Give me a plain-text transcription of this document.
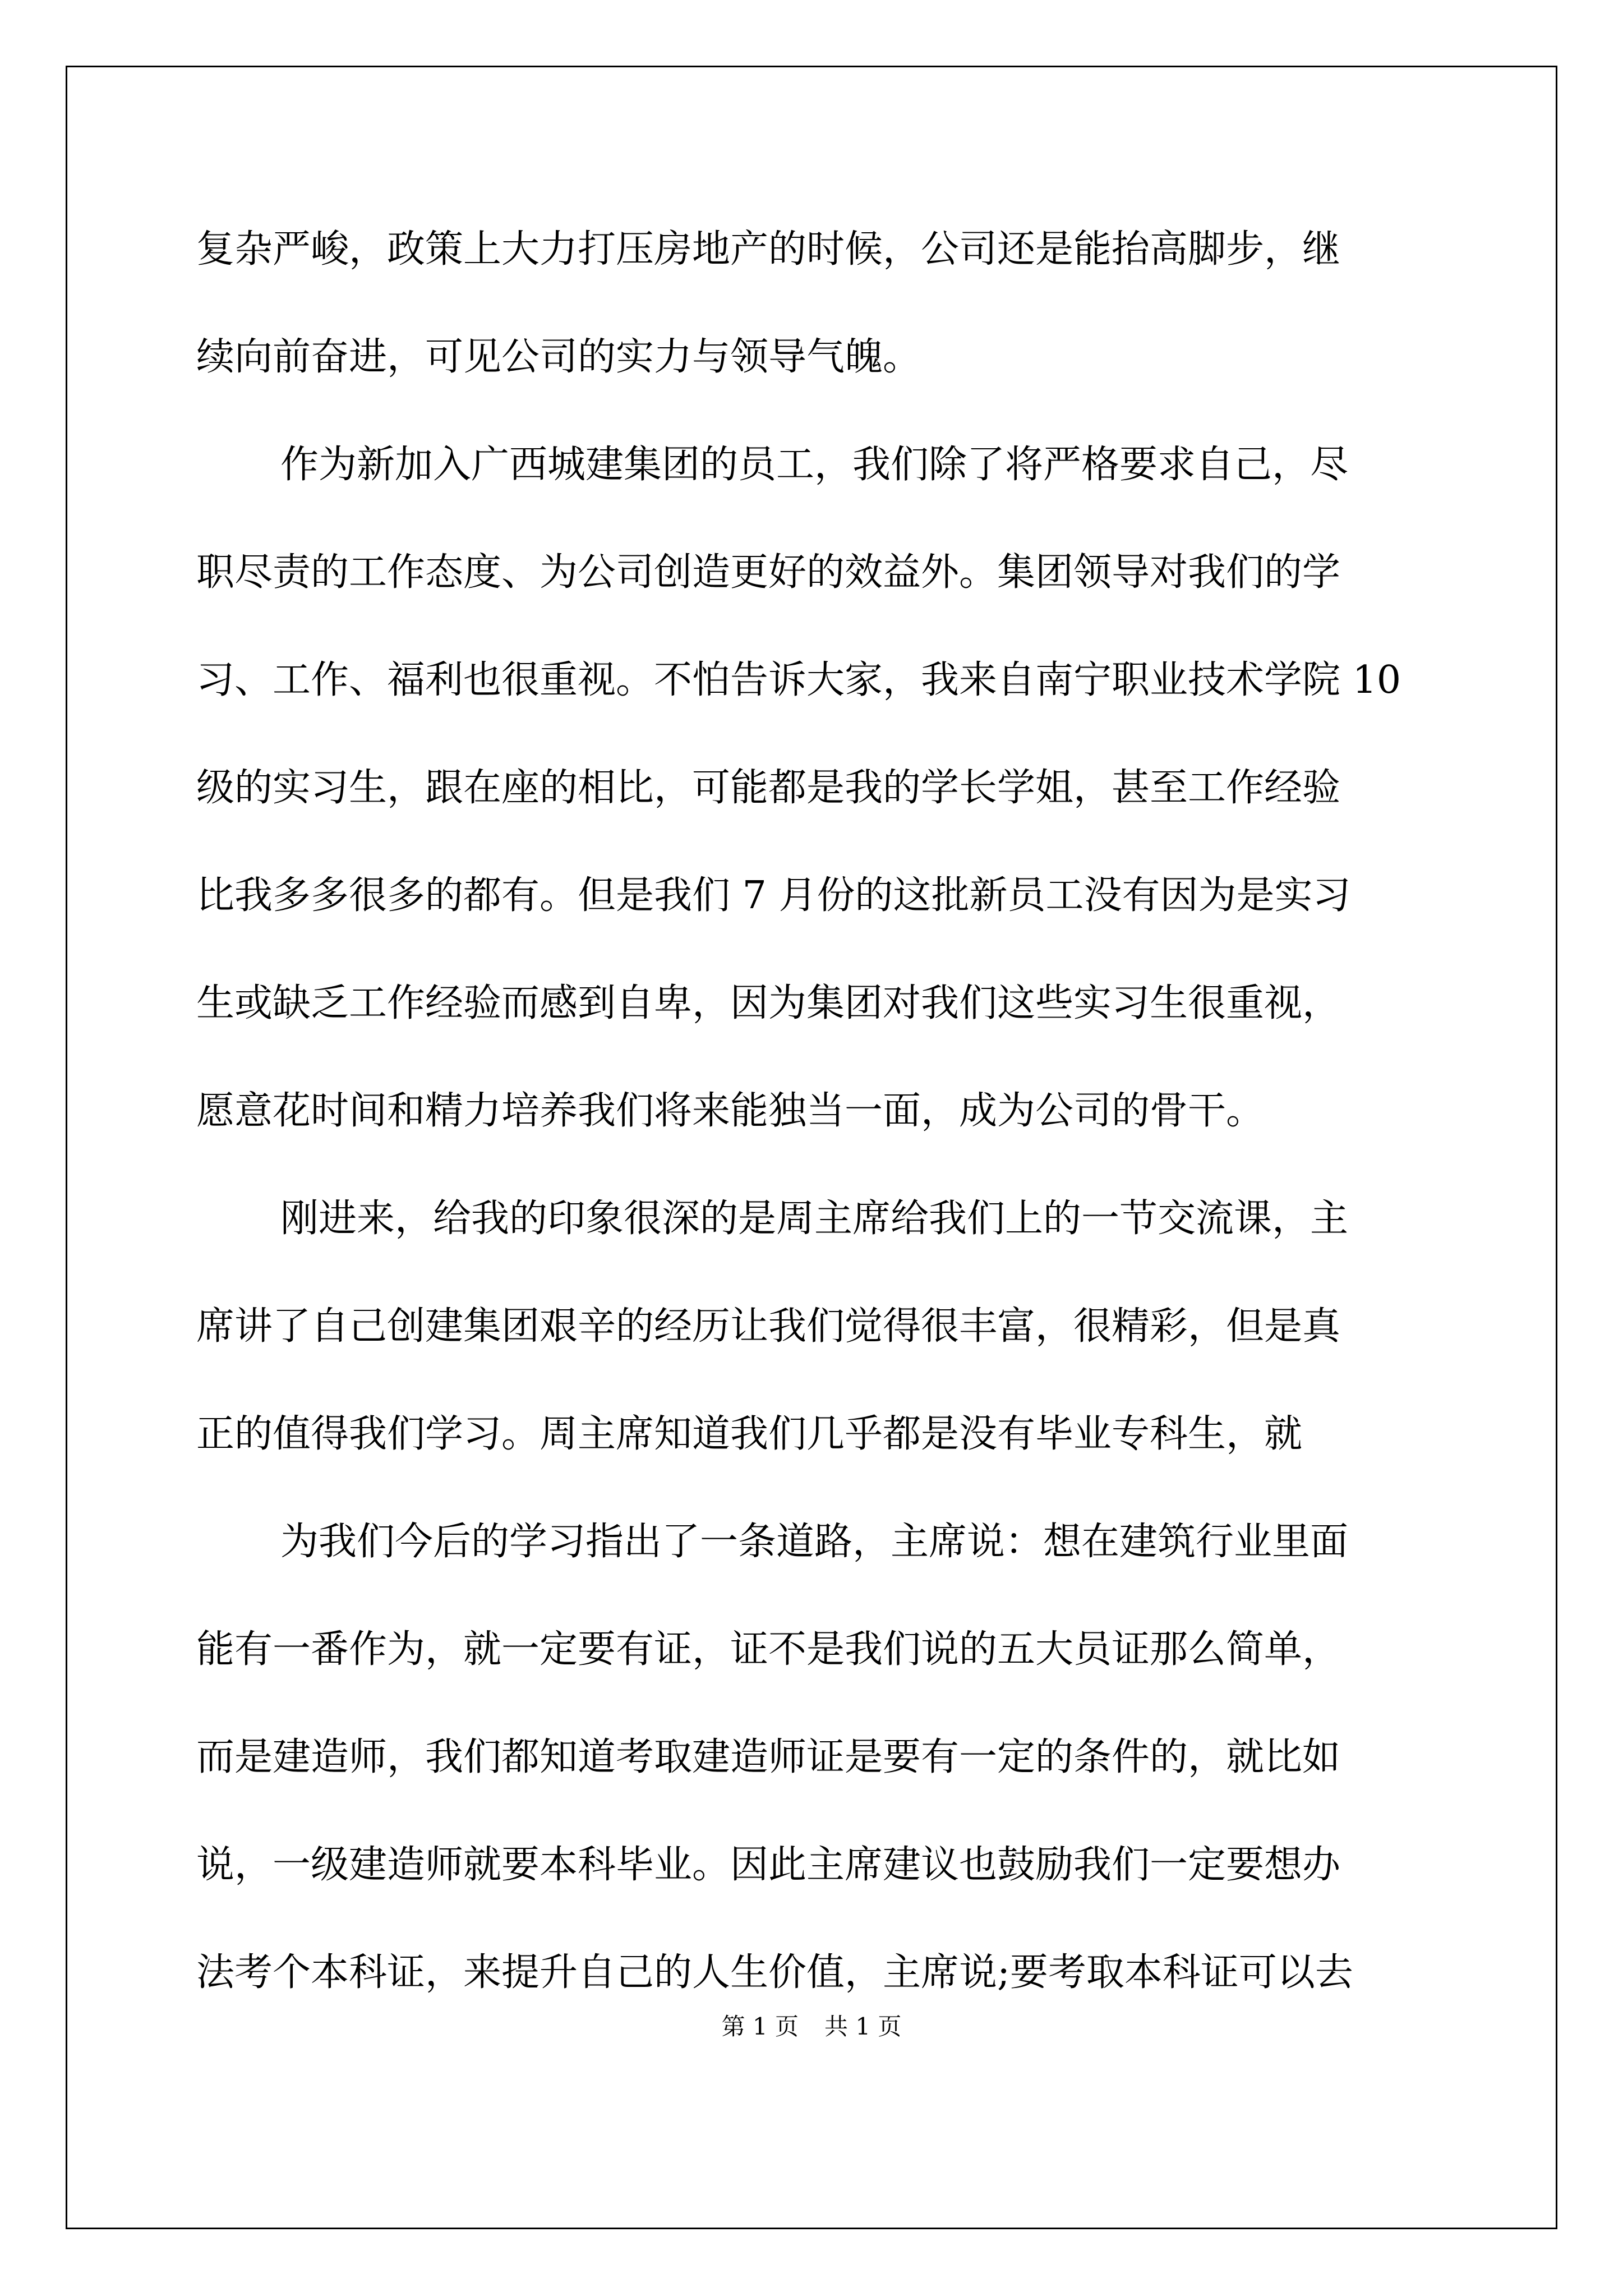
复杂严峻，政策上大力打压房地产的时候，公司还是能抬高脚步，继
续向前奋进，可见公司的实力与领导气魄。
作为新加入广西城建集团的员工，我们除了将严格要求自己，尽
职尽责的工作态度、为公司创造更好的效益外。集团领导对我们的学
习、工作、福利也很重视。不怕告诉大家，我来自南宁职业技术学院 10
级的实习生，跟在座的相比，可能都是我的学长学姐，甚至工作经验
比我多多很多的都有。但是我们 7 月份的这批新员工没有因为是实习
生或缺乏工作经验而感到自卑，因为集团对我们这些实习生很重视，
愿意花时间和精力培养我们将来能独当一面，成为公司的骨干。
刚进来，给我的印象很深的是周主席给我们上的一节交流课，主
席讲了自己创建集团艰辛的经历让我们觉得很丰富，很精彩，但是真
正的值得我们学习。周主席知道我们几乎都是没有毕业专科生，就
为我们今后的学习指出了一条道路，主席说：想在建筑行业里面
能有一番作为，就一定要有证，证不是我们说的五大员证那么简单，
而是建造师，我们都知道考取建造师证是要有一定的条件的，就比如
说，一级建造师就要本科毕业。因此主席建议也鼓励我们一定要想办
法考个本科证，来提升自己的人生价值，主席说;要考取本科证可以去
第 1 页 共 1 页
